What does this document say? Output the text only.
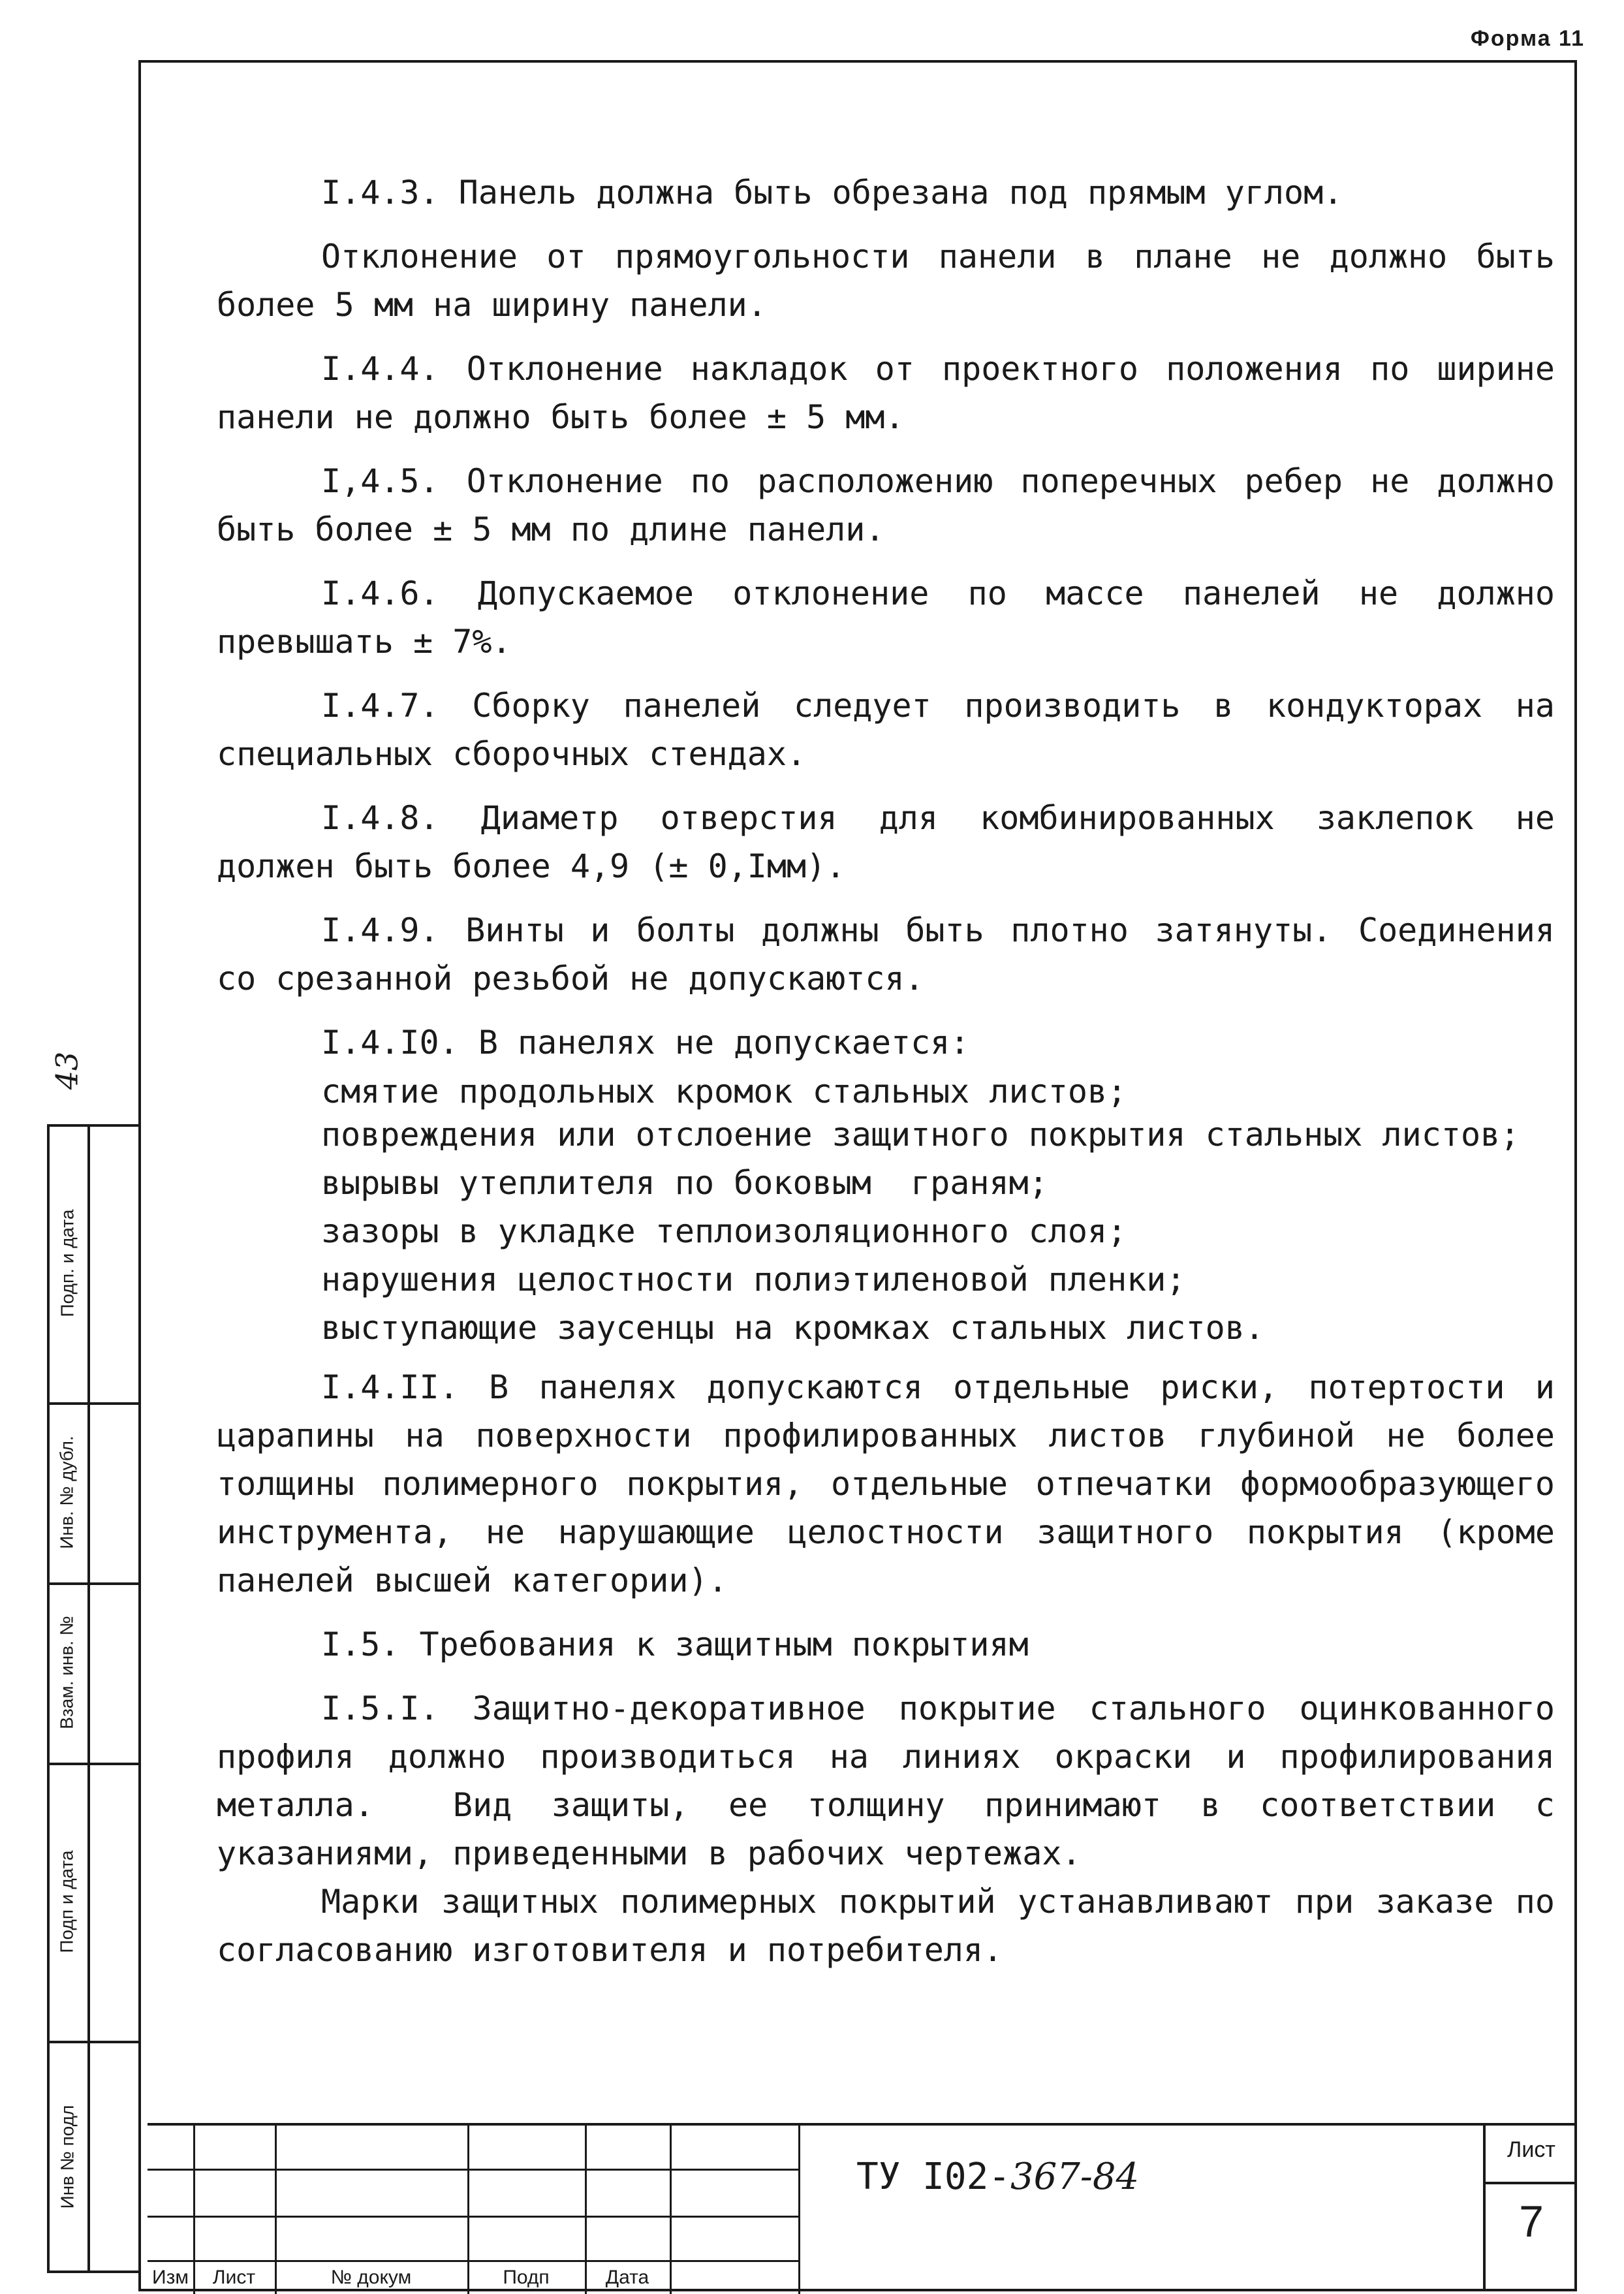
Форма 11

I.4.3. Панель должна быть обрезана под прямым углом.

Отклонение от прямоугольности панели в плане не должно быть более 5 мм на ширину панели.

I.4.4. Отклонение накладок от проектного положения по ширине панели не должно быть более ± 5 мм.

I,4.5. Отклонение по расположению поперечных ребер не должно быть более ± 5 мм по длине панели.

I.4.6. Допускаемое отклонение по массе панелей не должно превышать ± 7%.

I.4.7. Сборку панелей следует производить в кондукторах на специальных сборочных стендах.

I.4.8. Диаметр отверстия для комбинированных заклепок не должен быть более 4,9 (± 0,Iмм).

I.4.9. Винты и болты должны быть плотно затянуты. Соединения со срезанной резьбой не допускаются.

I.4.I0. В панелях не допускается:

смятие продольных кромок стальных листов;
повреждения или отслоение защитного покрытия стальных листов;
вырывы утеплителя по боковым  граням;
зазоры в укладке теплоизоляционного слоя;
нарушения целостности полиэтиленовой пленки;
выступающие заусенцы на кромках стальных листов.

I.4.II. В панелях допускаются отдельные риски, потертости и царапины на поверхности профилированных листов глубиной не более толщины полимерного покрытия, отдельные отпечатки формообразующего инструмента, не нарушающие целостности защитного покрытия (кроме панелей высшей категории).

I.5. Требования к защитным покрытиям

I.5.I. Защитно-декоративное покрытие стального оцинкованного профиля должно производиться на линиях окраски и профилирования металла.  Вид защиты, ее толщину принимают в соответствии с указаниями, приведенными в рабочих чертежах.

Марки защитных полимерных покрытий устанавливают при заказе по согласованию изготовителя и потребителя.

Подп. и дата
Инв. № дубл.
Взам. инв. №
Подп и дата
Инв № подл
43
Изм	Лист	№ докум	Подп	Дата
ТУ I02-367-84
Лист
7
